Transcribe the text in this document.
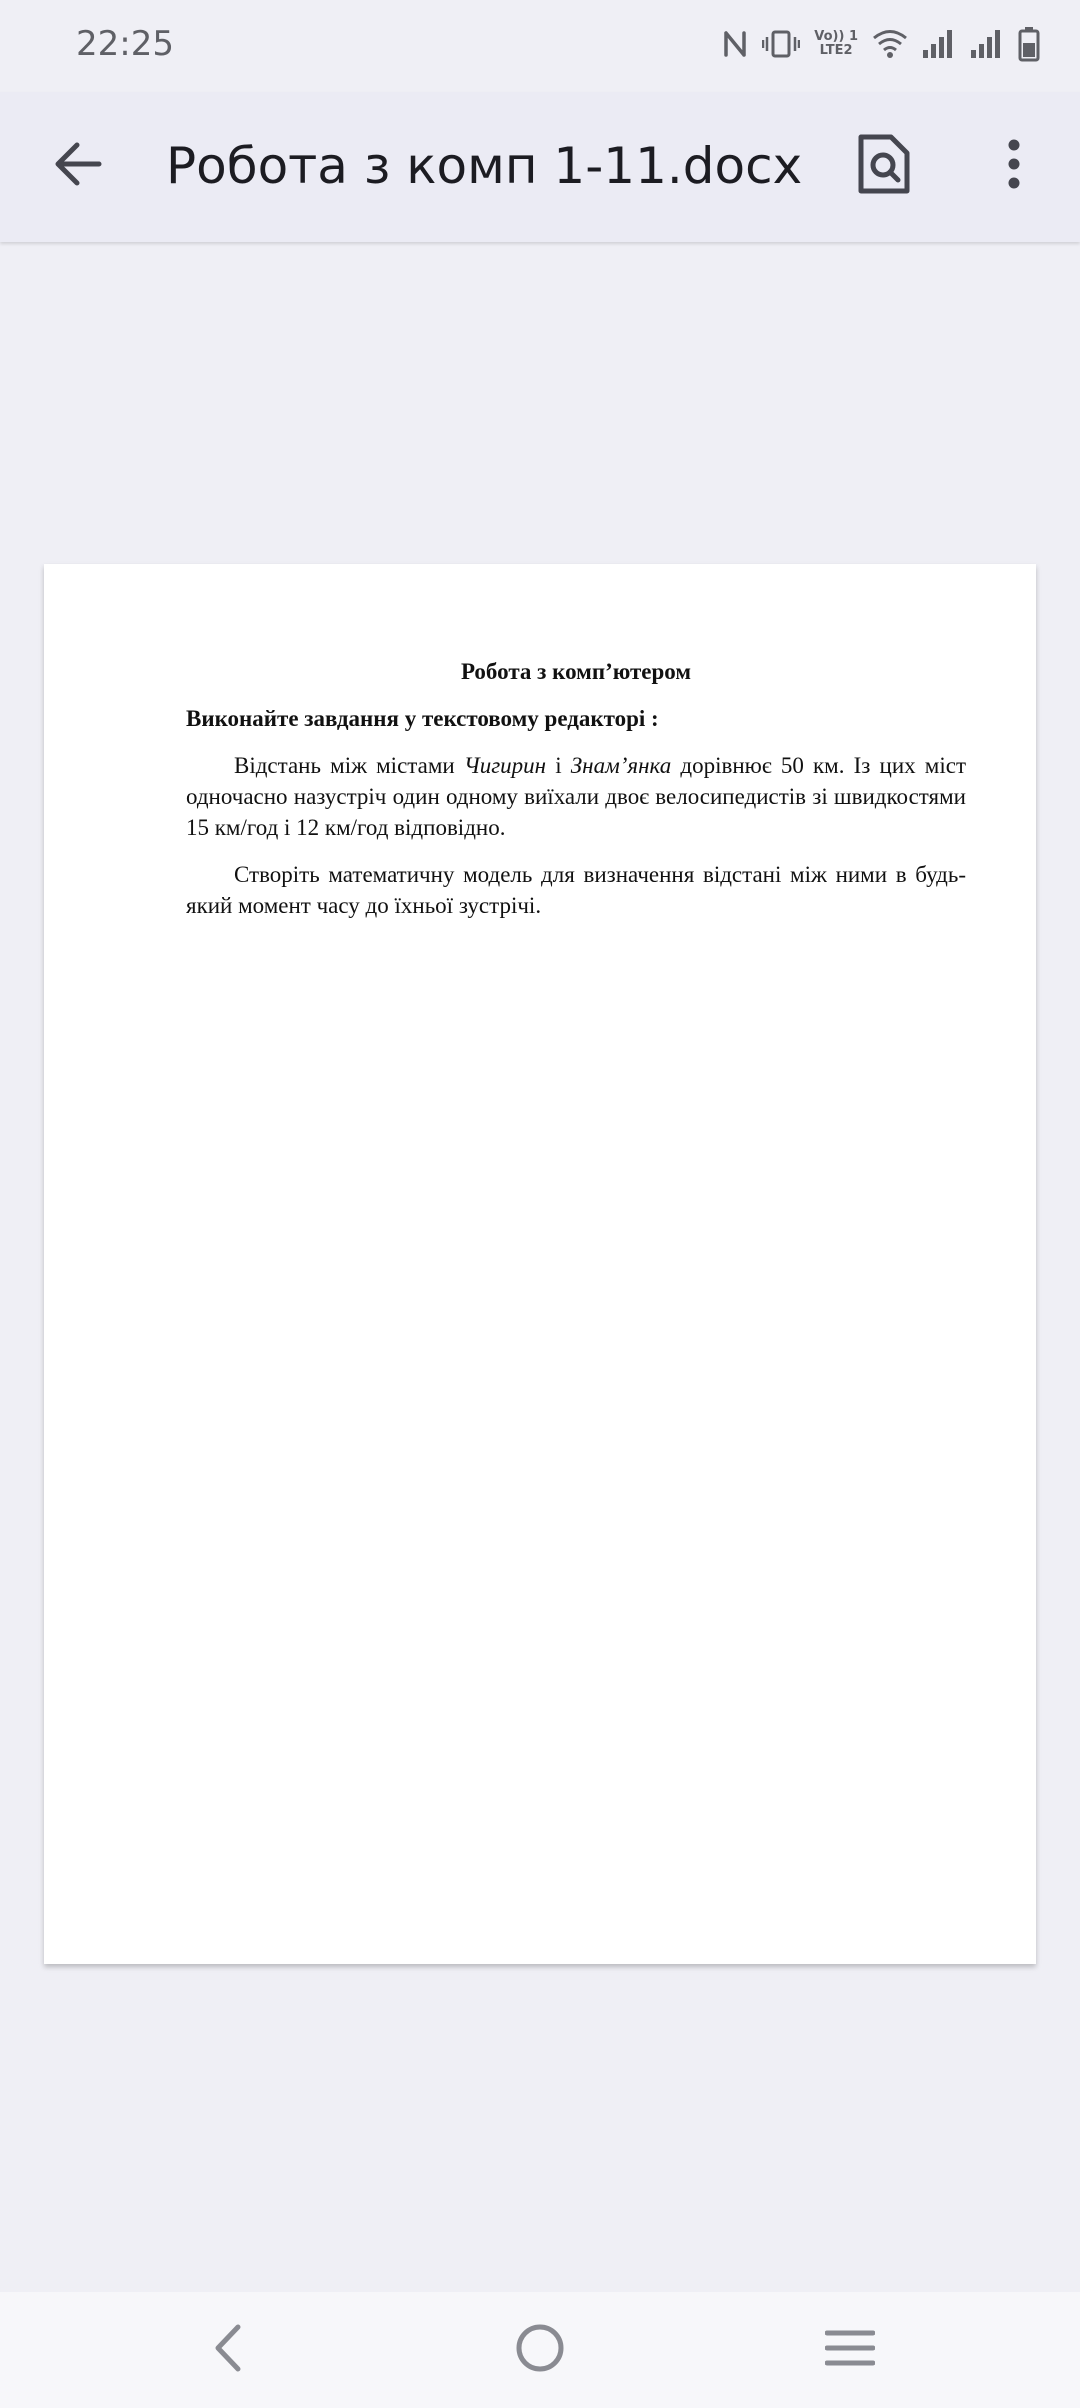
22:25	Vo)) 1
LTE2
Робота з комп 1-11.docx

Робота з комп’ютером

Виконайте завдання у текстовому редакторі :

Відстань між містами Чигирин і Знам’янка дорівнює 50 км. Із цих міст одночасно назустріч один одному виїхали двоє велосипедистів зі швидкостями 15 км/год і 12 км/год відповідно.

Створіть математичну модель для визначення відстані між ними в будь-який момент часу до їхньої зустрічі.
